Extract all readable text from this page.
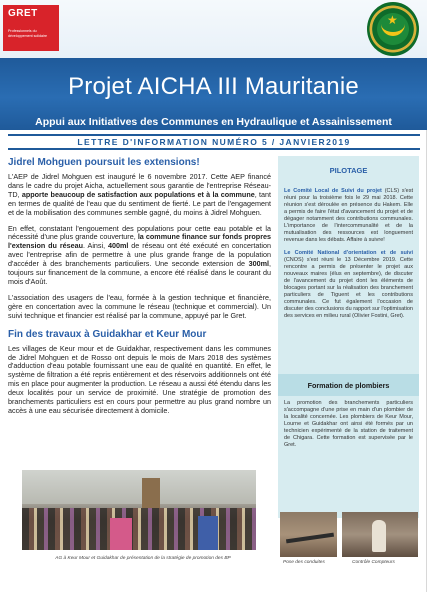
GRET
Professionnels du développement solidaire
★
Projet AICHA III Mauritanie
Appui aux Initiatives des Communes en Hydraulique et Assainissement
LETTRE D'INFORMATION NUMÉRO 5 / JANVIER2019
Jidrel Mohguen poursuit les extensions!

L'AEP de Jidrel Mohguen est inauguré le 6 novembre 2017. Cette AEP financé dans le cadre du projet Aicha, actuellement sous garantie de l'entreprise Réseau-TD, apporte beaucoup de satisfaction aux populations et à la commune, tant en termes de qualité de l'eau que du sentiment de fierté. Le part de l'engagement et de la mobilisation des communes semble gagné, du moins à Jidrel Mohguen.

En effet, constatant l'engouement des populations pour cette eau potable et la nécessité d'une plus grande couverture, la commune finance sur fonds propres l'extension du réseau. Ainsi, 400ml de réseau ont été exécuté en concertation avec l'entreprise afin de permettre à une plus grande frange de la population d'accéder à des branchements particuliers. Une seconde extension de 300ml, toujours sur financement de la commune, a encore été réalisé dans le courant du mois d'Août.

L'association des usagers de l'eau, formée à la gestion technique et financière, gère en concertation avec la commune le réseau (technique et commercial). Un suivi technique et financier est réalisé par la commune, appuyé par le Gret.

Fin des travaux à Guidakhar et Keur Mour

Les villages de Keur mour et de Guidakhar, respectivement dans les communes de Jidrel Mohguen et de Rosso ont depuis le mois de Mars 2018 des systèmes d'adduction d'eau potable fournissant une eau de qualité en quantité. En effet, le système de filtration a été repris entièrement et des réservoirs additionnels ont été mis en place pour augmenter la production. Le réseau a aussi été étendu dans les deux localités pour un service de proximité. Une stratégie de promotion des branchements particuliers est en cours pour permettre au plus grand nombre un accès à une eau sécurisée directement à domicile.

AG à Keur Mour et Guidakhar de présentation de la stratégie de promotion des BP
PILOTAGE

Le Comité Local de Suivi du projet (CLS) s'est réuni pour la troisième fois le 29 mai 2018. Cette réunion s'est déroulée en présence du Hakem. Elle a permis de faire l'état d'avancement du projet et de dégager notamment des contributions communales. L'importance de l'intercommunalité et de la mutualisation des ressources est longuement revenue dans les débats. Affaire à suivre!

Le Comité National d'orientation et de suivi (CNOS) s'est réuni le 13 Décembre 2019. Cette rencontre a permis de présenter le projet aux nouveaux maires (élus en septembre), de discuter de l'avancement du projet dont les éléments de blocages portant sur la réalisation des branchement particuliers de Tiguent et les contributions communales. Ce fut également l'occasion de discuter des conclusions du rapport sur l'optimisation des services en milieu rural (Olivier Fostini, Gret).

Formation de plombiers

La promotion des branchements particuliers s'accompagne d'une prise en main d'un plombier de la localité concernée. Les plombiers de Keur Mour, Lourne et Guidakhar ont ainsi été formés par un technicien expérimenté de la station de traitement de Chigara. Cette formation est supervisée par le Gret.

Pose des conduites	Contrôle Compteurs
